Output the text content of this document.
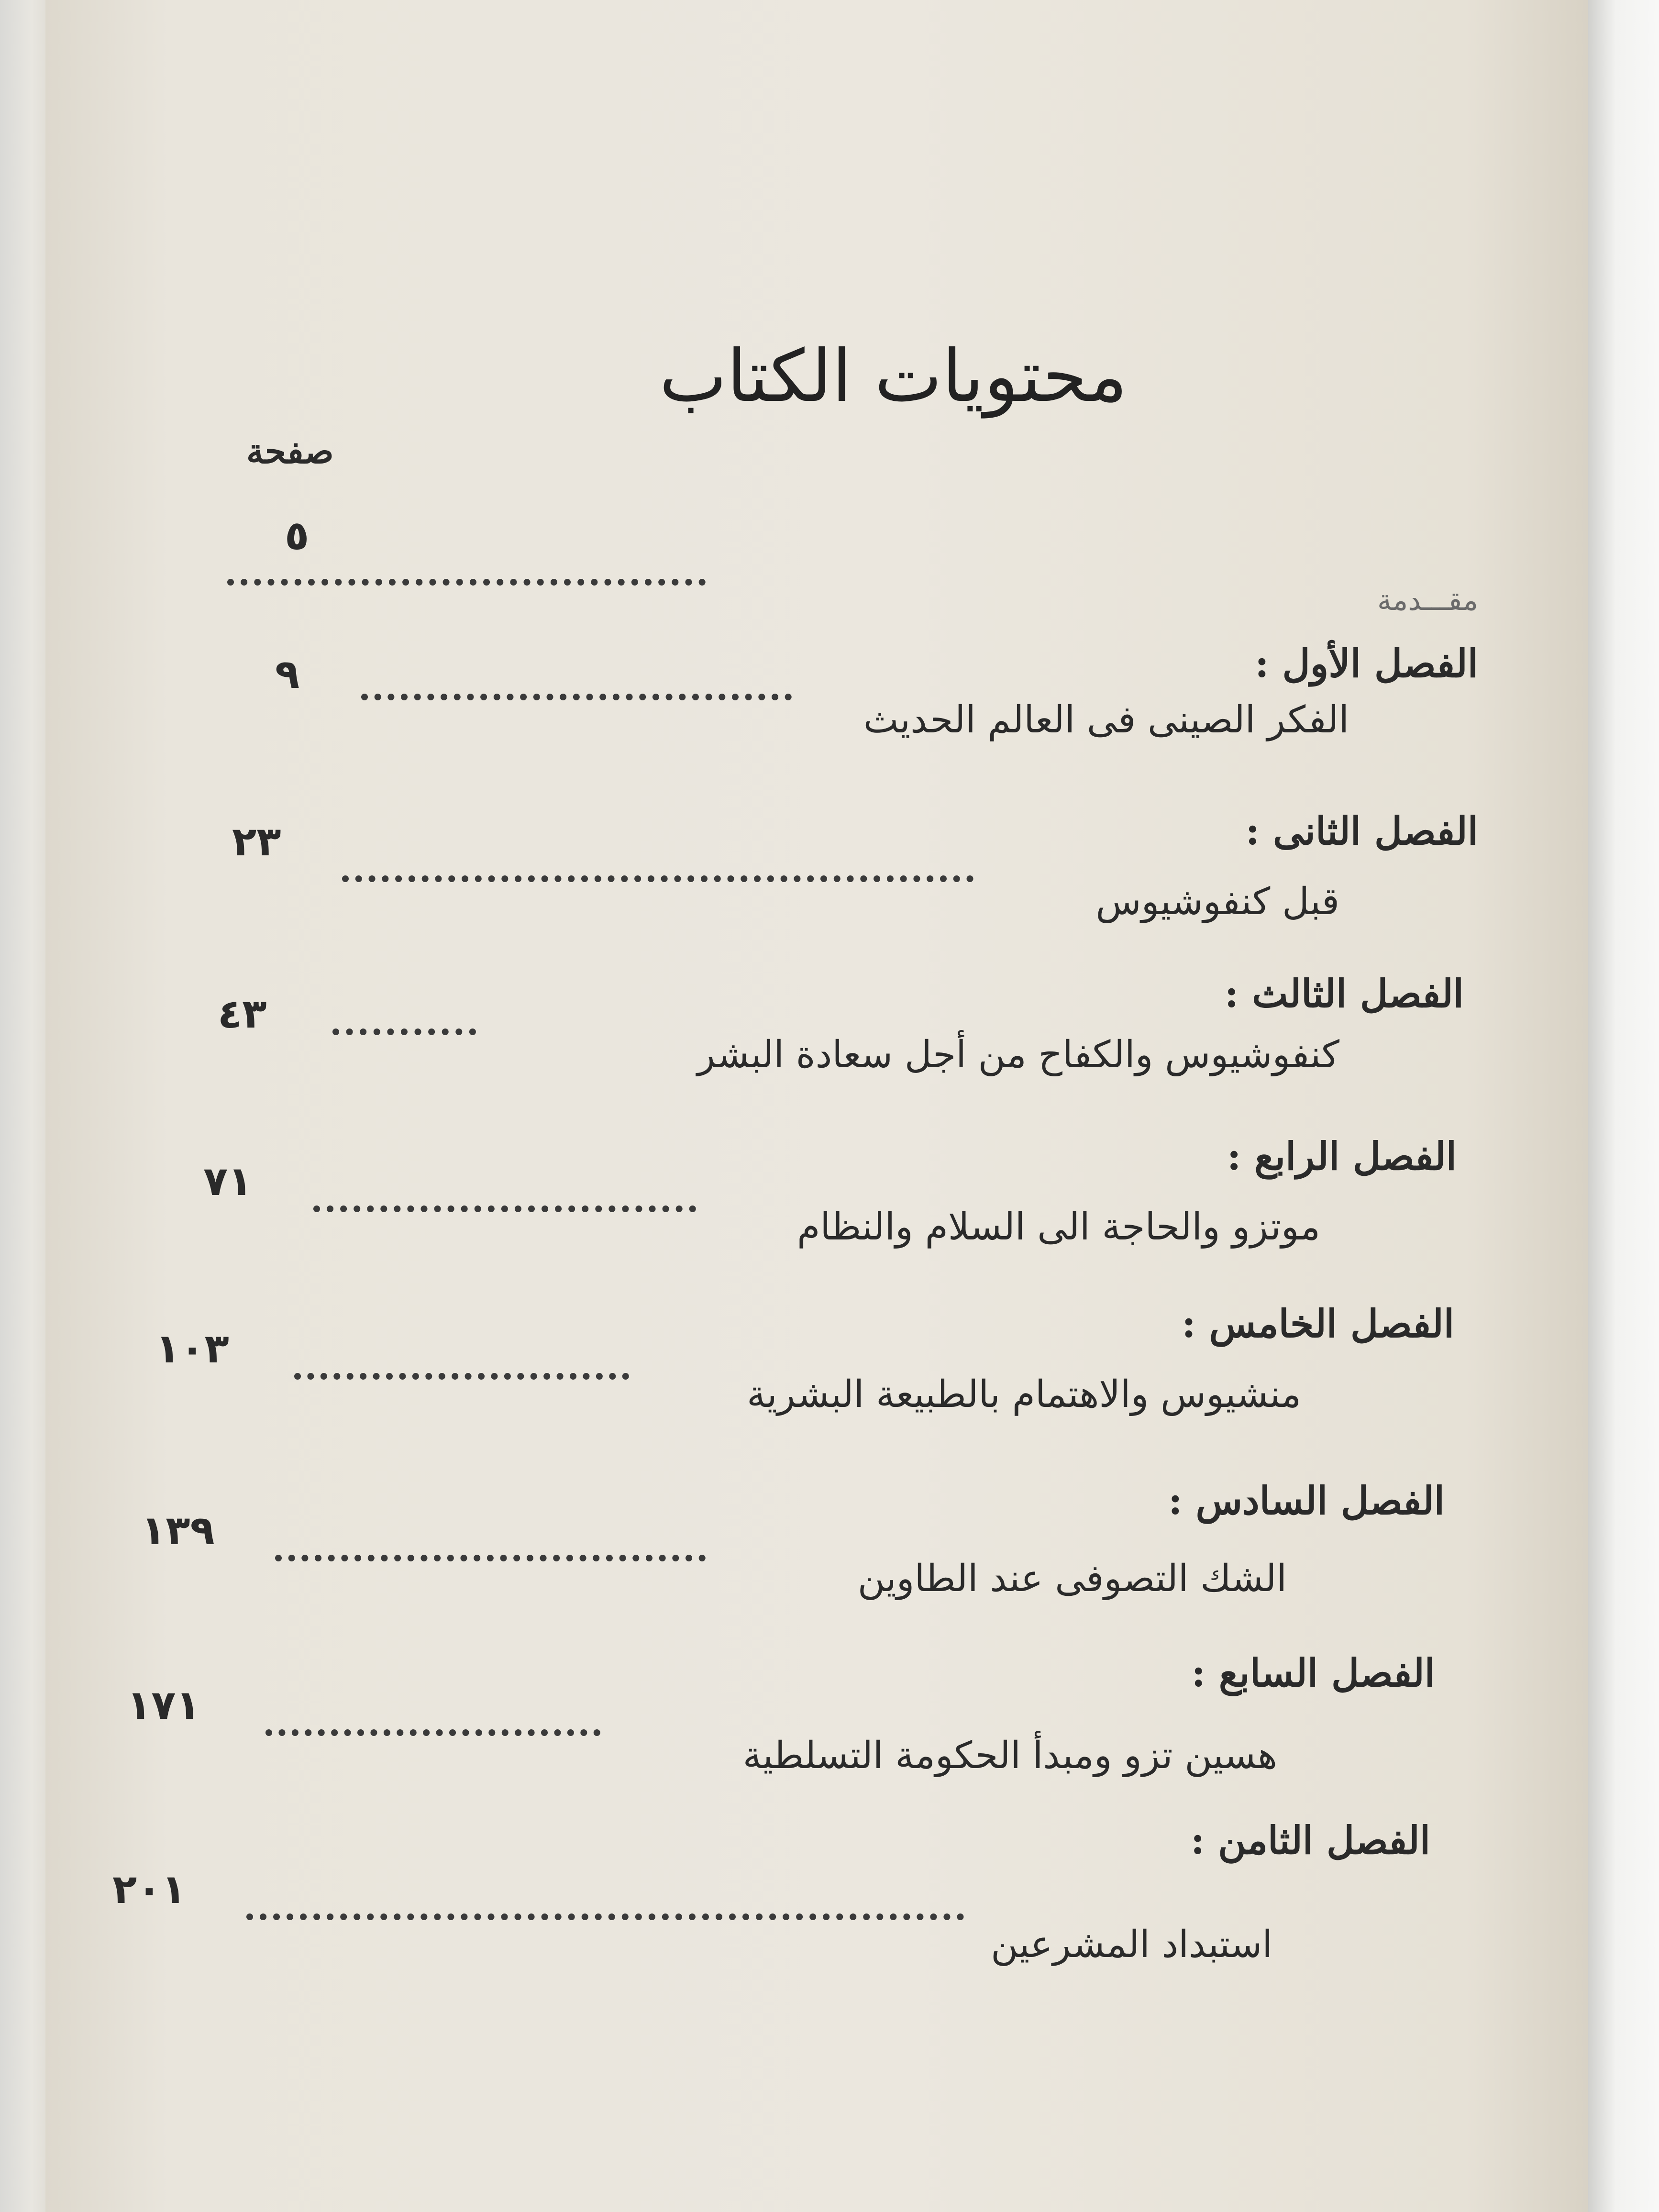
محتويات الكتاب
صفحة
٥
مقـــدمة
الفصل الأول :
٩
الفكر الصينى فى العالم الحديث
الفصل الثانى :
٢٣
قبل كنفوشيوس
الفصل الثالث :
٤٣
كنفوشيوس والكفاح من أجل سعادة البشر
الفصل الرابع :
٧١
موتزو والحاجة الى السلام والنظام
الفصل الخامس :
١٠٣
منشيوس والاهتمام بالطبيعة البشرية
الفصل السادس :
١٣٩
الشك التصوفى عند الطاوين
الفصل السابع :
١٧١
هسين تزو ومبدأ الحكومة التسلطية
الفصل الثامن :
٢٠١
استبداد المشرعين
